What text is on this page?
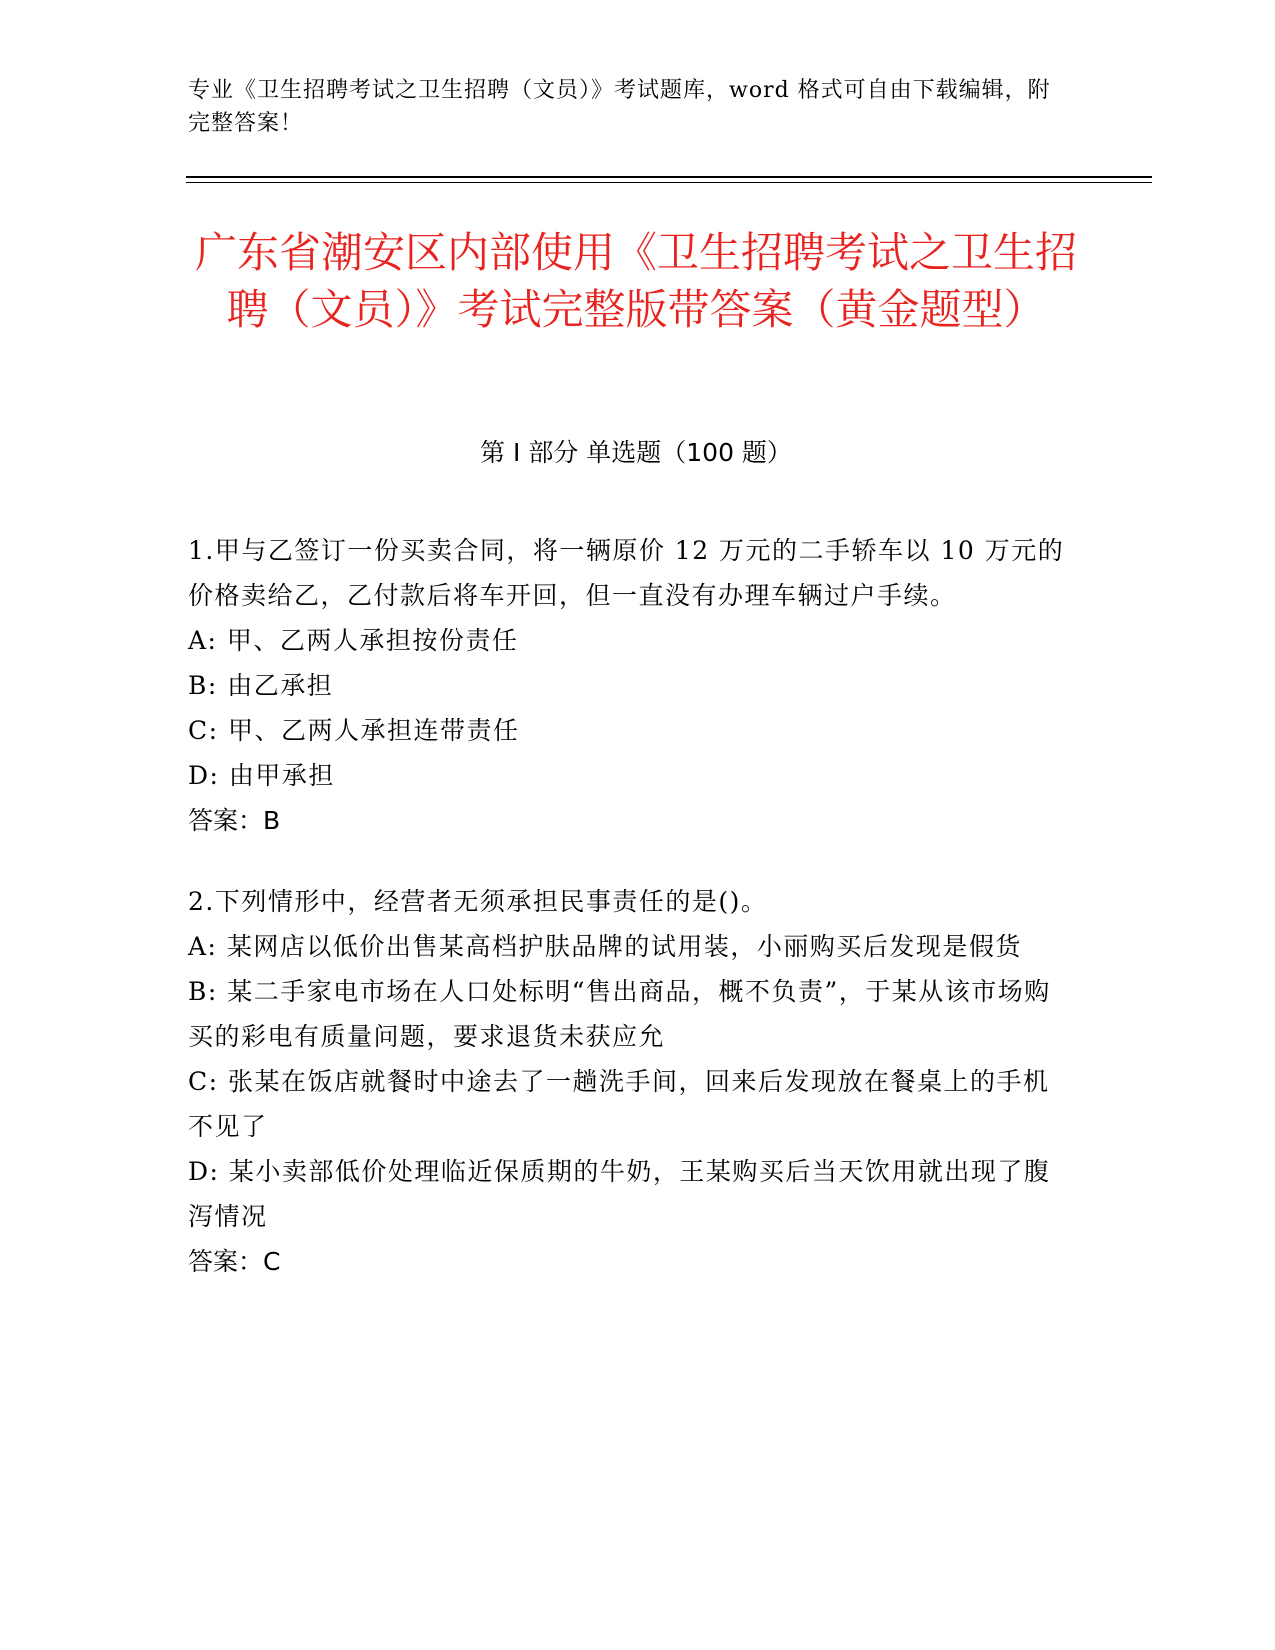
专业《卫生招聘考试之卫生招聘（文员）》考试题库，word 格式可自由下载编辑，附完整答案！
广东省潮安区内部使用《卫生招聘考试之卫生招聘（文员）》考试完整版带答案（黄金题型）
第 I 部分 单选题（100 题）

1.甲与乙签订一份买卖合同，将一辆原价 12 万元的二手轿车以 10 万元的价格卖给乙，乙付款后将车开回，但一直没有办理车辆过户手续。

A: 甲、乙两人承担按份责任

B: 由乙承担

C: 甲、乙两人承担连带责任

D: 由甲承担

答案：B

2.下列情形中，经营者无须承担民事责任的是()。

A: 某网店以低价出售某高档护肤品牌的试用装，小丽购买后发现是假货

B: 某二手家电市场在人口处标明“售出商品，概不负责”，于某从该市场购买的彩电有质量问题，要求退货未获应允

C: 张某在饭店就餐时中途去了一趟洗手间，回来后发现放在餐桌上的手机不见了

D: 某小卖部低价处理临近保质期的牛奶，王某购买后当天饮用就出现了腹泻情况

答案：C
